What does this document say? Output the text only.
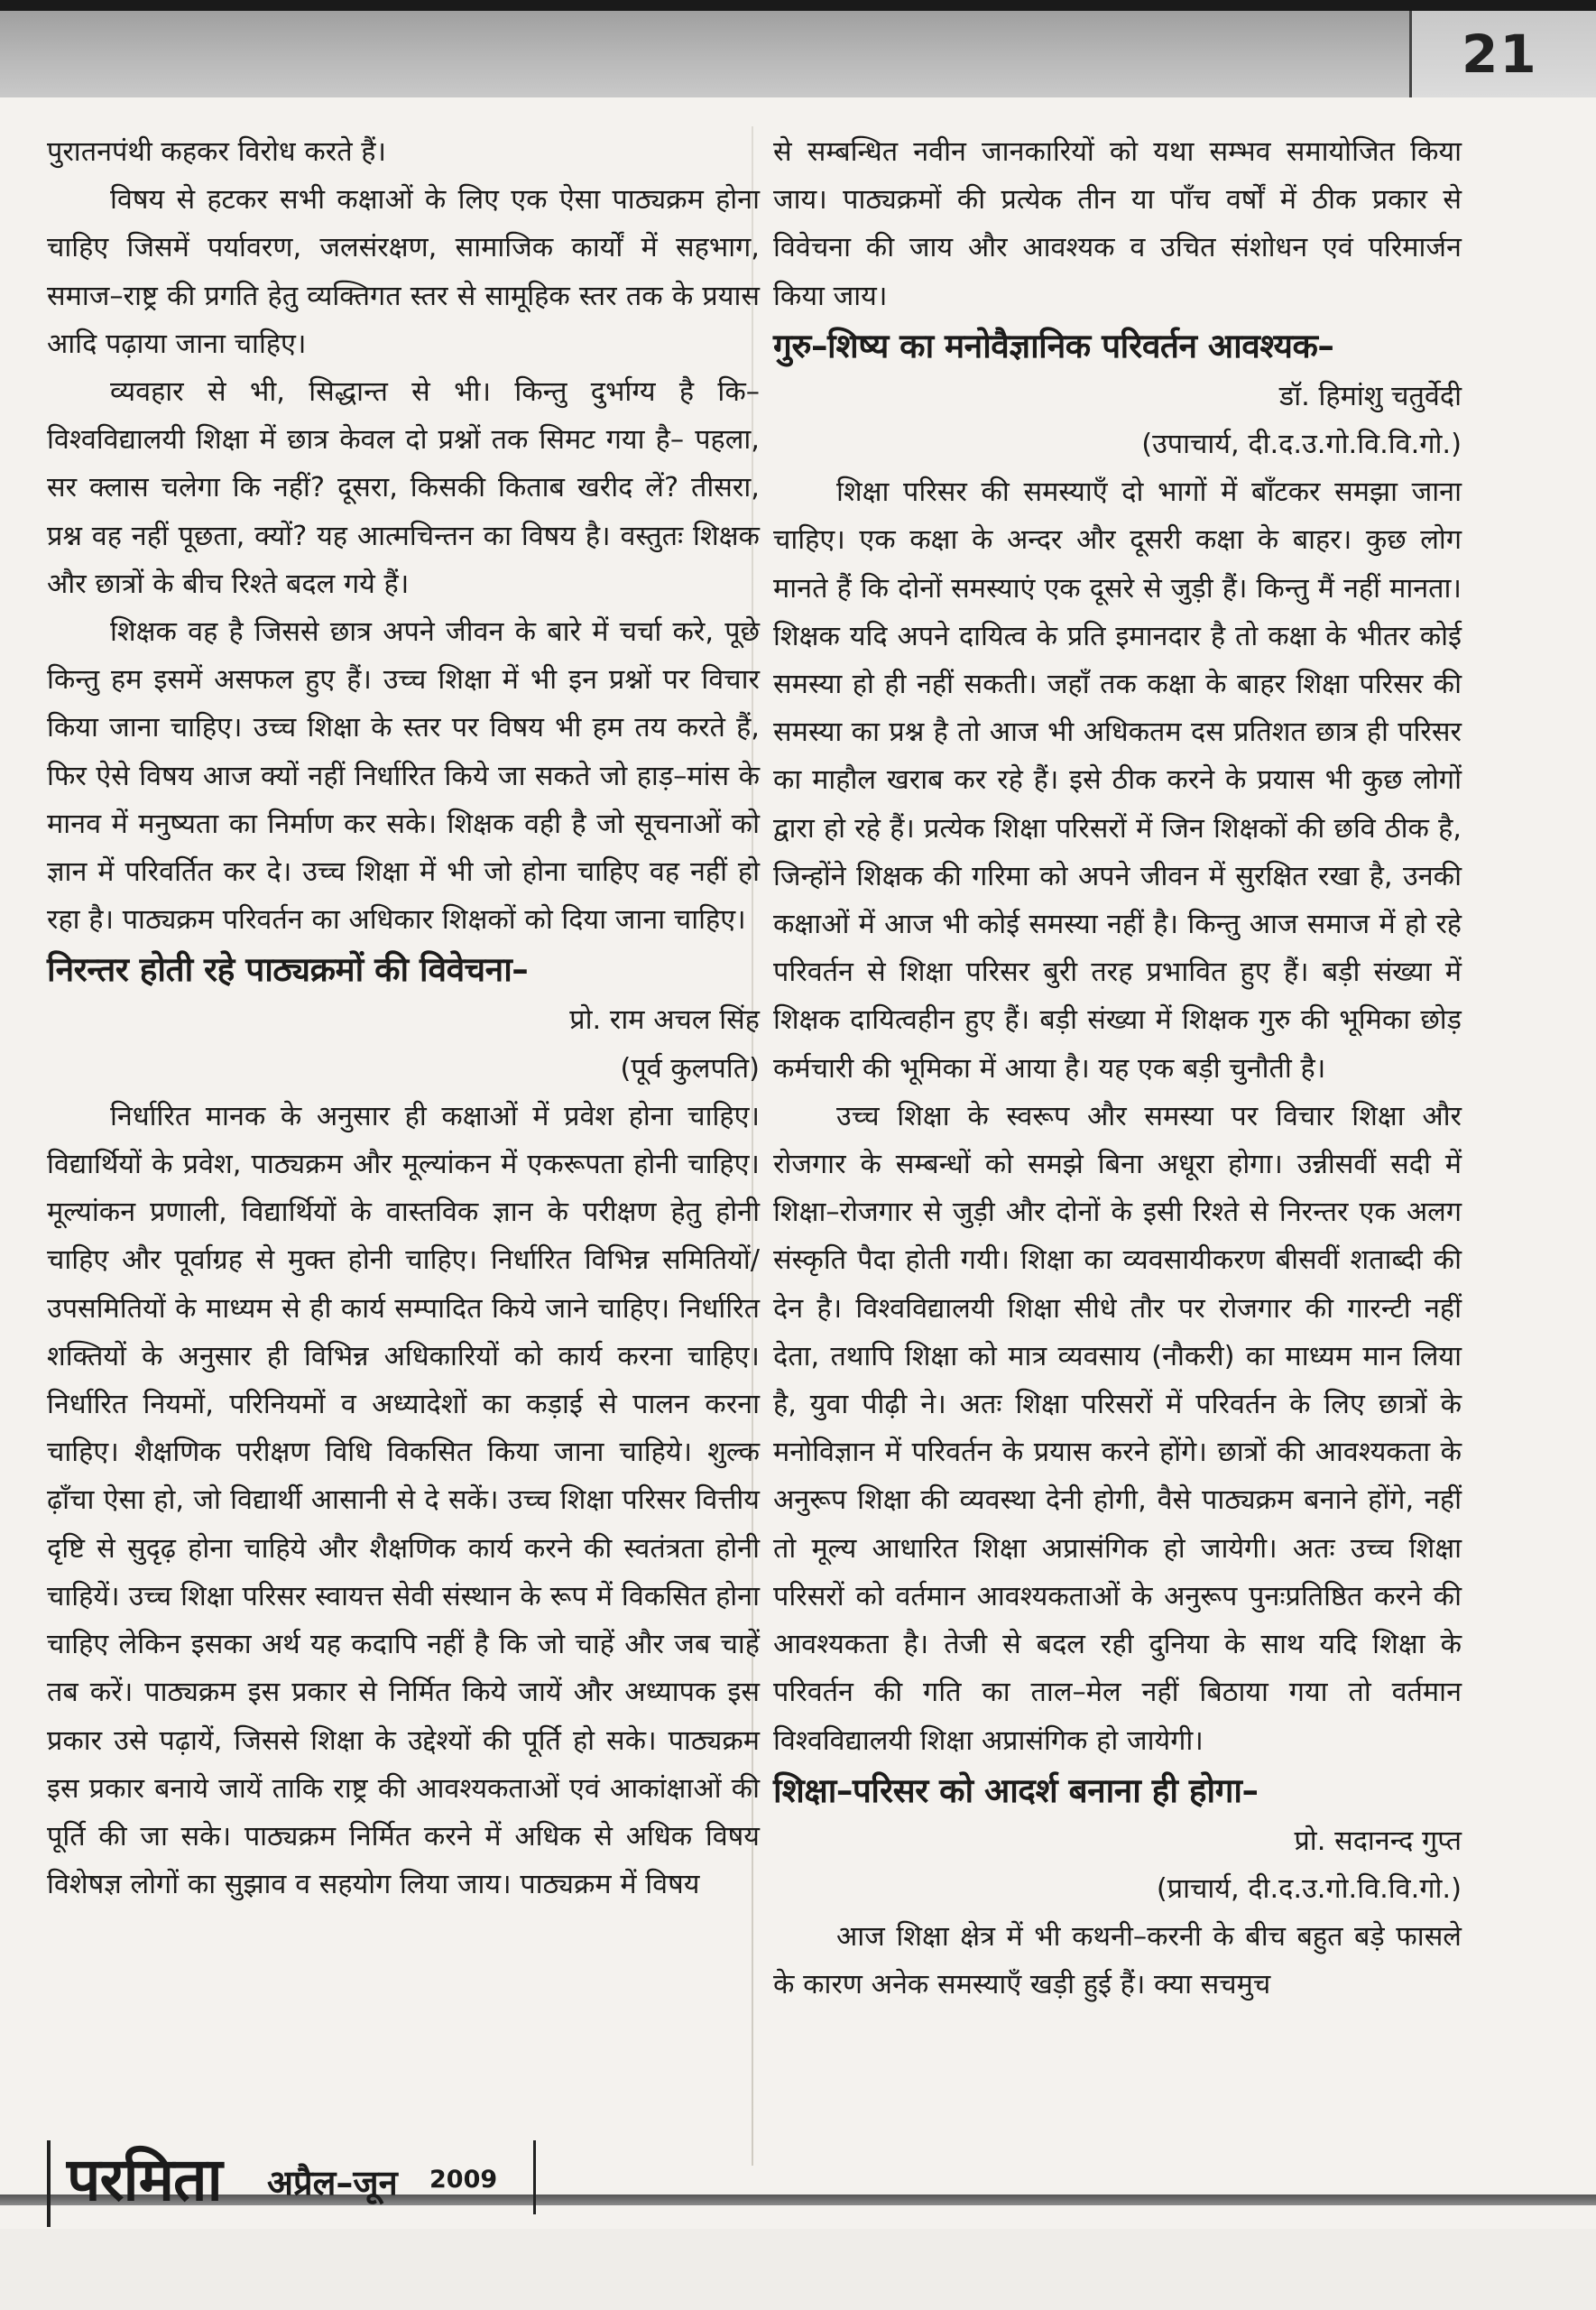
21

पुरातनपंथी कहकर विरोध करते हैं।

विषय से हटकर सभी कक्षाओं के लिए एक ऐसा पाठ्यक्रम होना चाहिए जिसमें पर्यावरण, जलसंरक्षण, सामाजिक कार्यों में सहभाग, समाज–राष्ट्र की प्रगति हेतु व्यक्तिगत स्तर से सामूहिक स्तर तक के प्रयास आदि पढ़ाया जाना चाहिए।

व्यवहार से भी, सिद्धान्त से भी। किन्तु दुर्भाग्य है कि–विश्वविद्यालयी शिक्षा में छात्र केवल दो प्रश्नों तक सिमट गया है– पहला, सर क्लास चलेगा कि नहीं? दूसरा, किसकी किताब खरीद लें? तीसरा, प्रश्न वह नहीं पूछता, क्यों? यह आत्मचिन्तन का विषय है। वस्तुतः शिक्षक और छात्रों के बीच रिश्ते बदल गये हैं।

शिक्षक वह है जिससे छात्र अपने जीवन के बारे में चर्चा करे, पूछे किन्तु हम इसमें असफल हुए हैं। उच्च शिक्षा में भी इन प्रश्नों पर विचार किया जाना चाहिए। उच्च शिक्षा के स्तर पर विषय भी हम तय करते हैं, फिर ऐसे विषय आज क्यों नहीं निर्धारित किये जा सकते जो हाड़–मांस के मानव में मनुष्यता का निर्माण कर सके। शिक्षक वही है जो सूचनाओं को ज्ञान में परिवर्तित कर दे। उच्च शिक्षा में भी जो होना चाहिए वह नहीं हो रहा है। पाठ्यक्रम परिवर्तन का अधिकार शिक्षकों को दिया जाना चाहिए।

निरन्तर होती रहे पाठ्यक्रमों की विवेचना–

प्रो. राम अचल सिंह

(पूर्व कुलपति)

निर्धारित मानक के अनुसार ही कक्षाओं में प्रवेश होना चाहिए। विद्यार्थियों के प्रवेश, पाठ्यक्रम और मूल्यांकन में एकरूपता होनी चाहिए। मूल्यांकन प्रणाली, विद्यार्थियों के वास्तविक ज्ञान के परीक्षण हेतु होनी चाहिए और पूर्वाग्रह से मुक्त होनी चाहिए। निर्धारित विभिन्न समितियों/ उपसमितियों के माध्यम से ही कार्य सम्पादित किये जाने चाहिए। निर्धारित शक्तियों के अनुसार ही विभिन्न अधिकारियों को कार्य करना चाहिए। निर्धारित नियमों, परिनियमों व अध्यादेशों का कड़ाई से पालन करना चाहिए। शैक्षणिक परीक्षण विधि विकसित किया जाना चाहिये। शुल्क ढ़ाँचा ऐसा हो, जो विद्यार्थी आसानी से दे सकें। उच्च शिक्षा परिसर वित्तीय दृष्टि से सुदृढ़ होना चाहिये और शैक्षणिक कार्य करने की स्वतंत्रता होनी चाहियें। उच्च शिक्षा परिसर स्वायत्त सेवी संस्थान के रूप में विकसित होना चाहिए लेकिन इसका अर्थ यह कदापि नहीं है कि जो चाहें और जब चाहें तब करें। पाठ्यक्रम इस प्रकार से निर्मित किये जायें और अध्यापक इस प्रकार उसे पढ़ायें, जिससे शिक्षा के उद्देश्यों की पूर्ति हो सके। पाठ्यक्रम इस प्रकार बनाये जायें ताकि राष्ट्र की आवश्यकताओं एवं आकांक्षाओं की पूर्ति की जा सके। पाठ्यक्रम निर्मित करने में अधिक से अधिक विषय विशेषज्ञ लोगों का सुझाव व सहयोग लिया जाय। पाठ्यक्रम में विषय

से सम्बन्धित नवीन जानकारियों को यथा सम्भव समायोजित किया जाय। पाठ्यक्रमों की प्रत्येक तीन या पाँच वर्षों में ठीक प्रकार से विवेचना की जाय और आवश्यक व उचित संशोधन एवं परिमार्जन किया जाय।

गुरु–शिष्य का मनोवैज्ञानिक परिवर्तन आवश्यक–

डॉ. हिमांशु चतुर्वेदी

(उपाचार्य, दी.द.उ.गो.वि.वि.गो.)

शिक्षा परिसर की समस्याएँ दो भागों में बाँटकर समझा जाना चाहिए। एक कक्षा के अन्दर और दूसरी कक्षा के बाहर। कुछ लोग मानते हैं कि दोनों समस्याएं एक दूसरे से जुड़ी हैं। किन्तु मैं नहीं मानता। शिक्षक यदि अपने दायित्व के प्रति इमानदार है तो कक्षा के भीतर कोई समस्या हो ही नहीं सकती। जहाँ तक कक्षा के बाहर शिक्षा परिसर की समस्या का प्रश्न है तो आज भी अधिकतम दस प्रतिशत छात्र ही परिसर का माहौल खराब कर रहे हैं। इसे ठीक करने के प्रयास भी कुछ लोगों द्वारा हो रहे हैं। प्रत्येक शिक्षा परिसरों में जिन शिक्षकों की छवि ठीक है, जिन्होंने शिक्षक की गरिमा को अपने जीवन में सुरक्षित रखा है, उनकी कक्षाओं में आज भी कोई समस्या नहीं है। किन्तु आज समाज में हो रहे परिवर्तन से शिक्षा परिसर बुरी तरह प्रभावित हुए हैं। बड़ी संख्या में शिक्षक दायित्वहीन हुए हैं। बड़ी संख्या में शिक्षक गुरु की भूमिका छोड़ कर्मचारी की भूमिका में आया है। यह एक बड़ी चुनौती है।

उच्च शिक्षा के स्वरूप और समस्या पर विचार शिक्षा और रोजगार के सम्बन्धों को समझे बिना अधूरा होगा। उन्नीसवीं सदी में शिक्षा–रोजगार से जुड़ी और दोनों के इसी रिश्ते से निरन्तर एक अलग संस्कृति पैदा होती गयी। शिक्षा का व्यवसायीकरण बीसवीं शताब्दी की देन है। विश्वविद्यालयी शिक्षा सीधे तौर पर रोजगार की गारन्टी नहीं देता, तथापि शिक्षा को मात्र व्यवसाय (नौकरी) का माध्यम मान लिया है, युवा पीढ़ी ने। अतः शिक्षा परिसरों में परिवर्तन के लिए छात्रों के मनोविज्ञान में परिवर्तन के प्रयास करने होंगे। छात्रों की आवश्यकता के अनुरूप शिक्षा की व्यवस्था देनी होगी, वैसे पाठ्यक्रम बनाने होंगे, नहीं तो मूल्य आधारित शिक्षा अप्रासंगिक हो जायेगी। अतः उच्च शिक्षा परिसरों को वर्तमान आवश्यकताओं के अनुरूप पुनःप्रतिष्ठित करने की आवश्यकता है। तेजी से बदल रही दुनिया के साथ यदि शिक्षा के परिवर्तन की गति का ताल–मेल नहीं बिठाया गया तो वर्तमान विश्वविद्यालयी शिक्षा अप्रासंगिक हो जायेगी।

शिक्षा–परिसर को आदर्श बनाना ही होगा–

प्रो. सदानन्द गुप्त

(प्राचार्य, दी.द.उ.गो.वि.वि.गो.)

आज शिक्षा क्षेत्र में भी कथनी–करनी के बीच बहुत बड़े फासले के कारण अनेक समस्याएँ खड़ी हुई हैं। क्या सचमुच

परमिता अप्रैल–जून 2009
